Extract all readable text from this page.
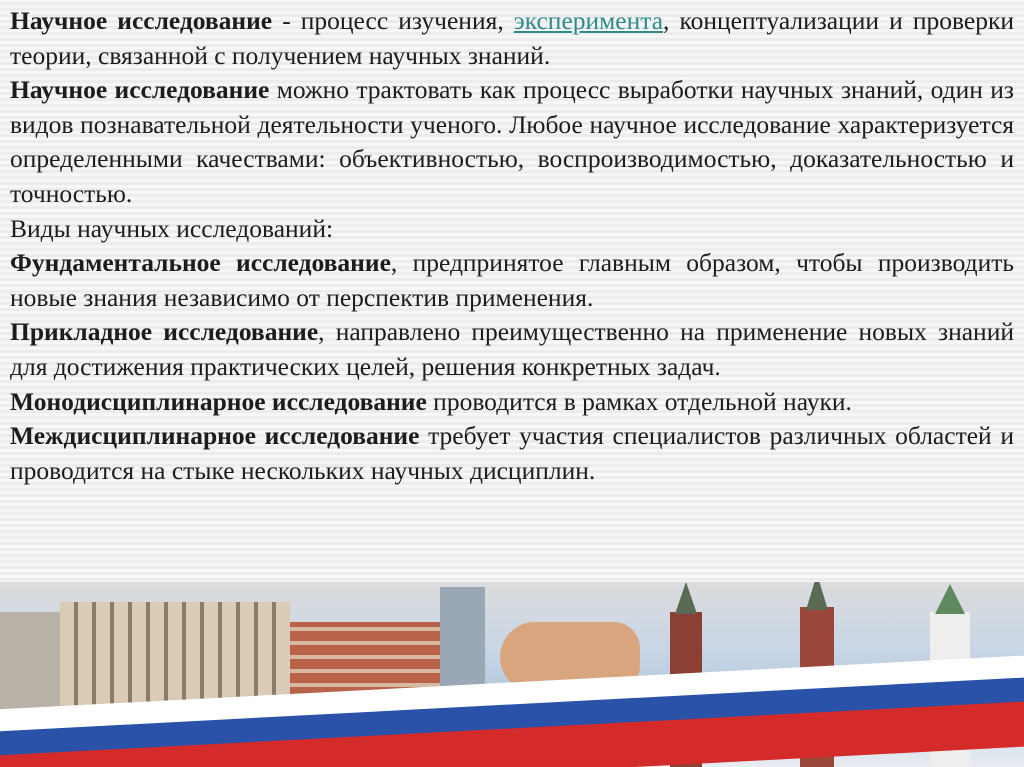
Научное исследование - процесс изучения, эксперимента, концептуализации и проверки теории, связанной с получением научных знаний.

Научное исследование можно трактовать как процесс выработки научных знаний, один из видов познавательной деятельности ученого. Любое научное исследование характеризуется определенными качествами: объективностью, воспроизводимостью, доказательностью и точностью.

Виды научных исследований:

Фундаментальное исследование, предпринятое главным образом, чтобы производить новые знания независимо от перспектив применения.

Прикладное исследование, направлено преимущественно на применение новых знаний для достижения практических целей, решения конкретных задач.

Монодисциплинарное исследование проводится в рамках отдельной науки.

Междисциплинарное исследование требует участия специалистов различных областей и проводится на стыке нескольких научных дисциплин.
